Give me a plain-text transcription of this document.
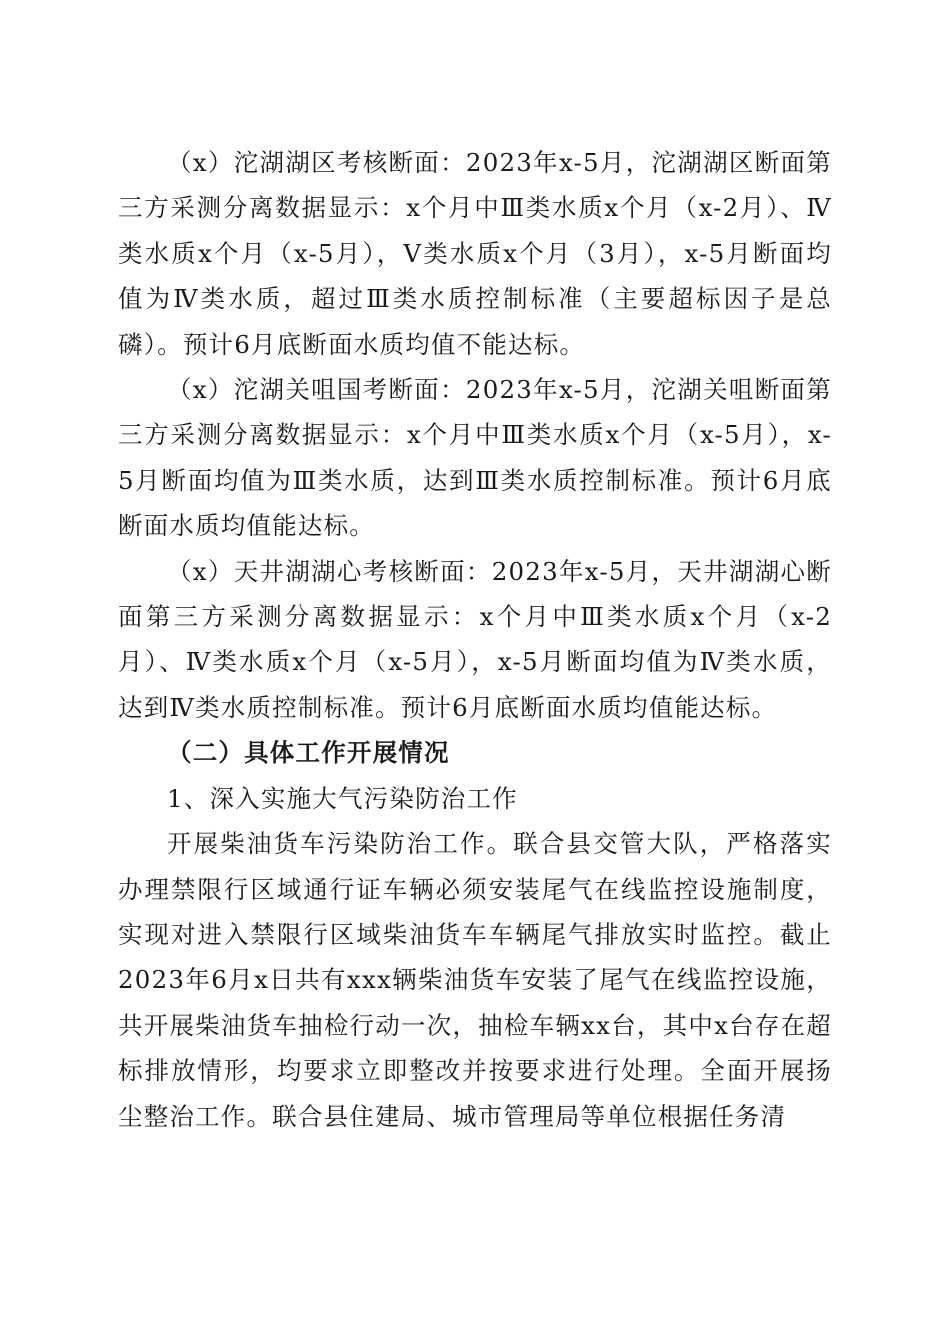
（x）沱湖湖区考核断面：2023年x-5月，沱湖湖区断面第三方采测分离数据显示：x个月中Ⅲ类水质x个月（x-2月）、Ⅳ类水质x个月（x-5月），Ⅴ类水质x个月（3月），x-5月断面均值为Ⅳ类水质，超过Ⅲ类水质控制标准（主要超标因子是总磷）。预计6月底断面水质均值不能达标。

（x）沱湖关咀国考断面：2023年x-5月，沱湖关咀断面第三方采测分离数据显示：x个月中Ⅲ类水质x个月（x-5月），x-5月断面均值为Ⅲ类水质，达到Ⅲ类水质控制标准。预计6月底断面水质均值能达标。

（x）天井湖湖心考核断面：2023年x-5月，天井湖湖心断面第三方采测分离数据显示：x个月中Ⅲ类水质x个月（x-2月）、Ⅳ类水质x个月（x-5月），x-5月断面均值为Ⅳ类水质，达到Ⅳ类水质控制标准。预计6月底断面水质均值能达标。

（二）具体工作开展情况

1、深入实施大气污染防治工作

开展柴油货车污染防治工作。联合县交管大队，严格落实办理禁限行区域通行证车辆必须安装尾气在线监控设施制度，实现对进入禁限行区域柴油货车车辆尾气排放实时监控。截止2023年6月x日共有xxx辆柴油货车安装了尾气在线监控设施，共开展柴油货车抽检行动一次，抽检车辆xx台，其中x台存在超标排放情形，均要求立即整改并按要求进行处理。全面开展扬尘整治工作。联合县住建局、城市管理局等单位根据任务清
